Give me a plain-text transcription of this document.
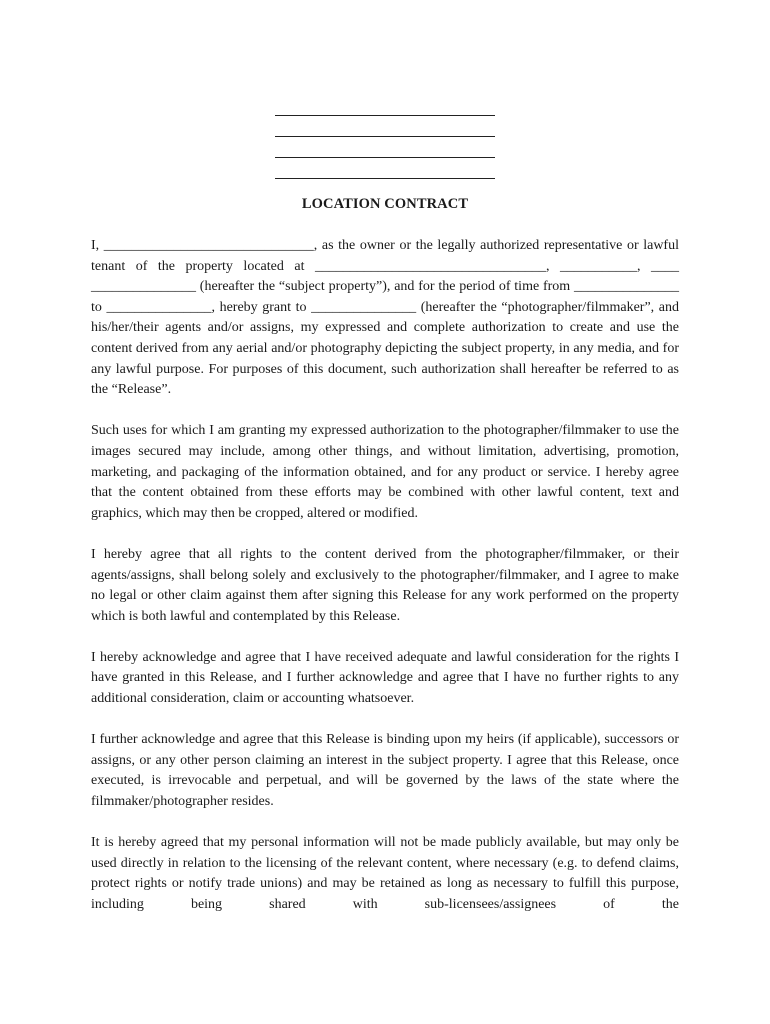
LOCATION CONTRACT

I, ______________________________, as the owner or the legally authorized representative or lawful tenant of the property located at _________________________________, ___________, ____ _______________ (hereafter the “subject property”), and for the period of time from _______________ to _______________, hereby grant to _______________ (hereafter the “photographer/filmmaker”, and his/her/their agents and/or assigns, my expressed and complete authorization to create and use the content derived from any aerial and/or photography depicting the subject property, in any media, and for any lawful purpose. For purposes of this document, such authorization shall hereafter be referred to as the “Release”.

Such uses for which I am granting my expressed authorization to the photographer/filmmaker to use the images secured may include, among other things, and without limitation, advertising, promotion, marketing, and packaging of the information obtained, and for any product or service. I hereby agree that the content obtained from these efforts may be combined with other lawful content, text and graphics, which may then be cropped, altered or modified.

I hereby agree that all rights to the content derived from the photographer/filmmaker, or their agents/assigns, shall belong solely and exclusively to the photographer/filmmaker, and I agree to make no legal or other claim against them after signing this Release for any work performed on the property which is both lawful and contemplated by this Release.

I hereby acknowledge and agree that I have received adequate and lawful consideration for the rights I have granted in this Release, and I further acknowledge and agree that I have no further rights to any additional consideration, claim or accounting whatsoever.

I further acknowledge and agree that this Release is binding upon my heirs (if applicable), successors or assigns, or any other person claiming an interest in the subject property. I agree that this Release, once executed, is irrevocable and perpetual, and will be governed by the laws of the state where the filmmaker/photographer resides.

It is hereby agreed that my personal information will not be made publicly available, but may only be used directly in relation to the licensing of the relevant content, where necessary (e.g. to defend claims, protect rights or notify trade unions) and may be retained as long as necessary to fulfill this purpose, including being shared with sub-licensees/assignees of the
